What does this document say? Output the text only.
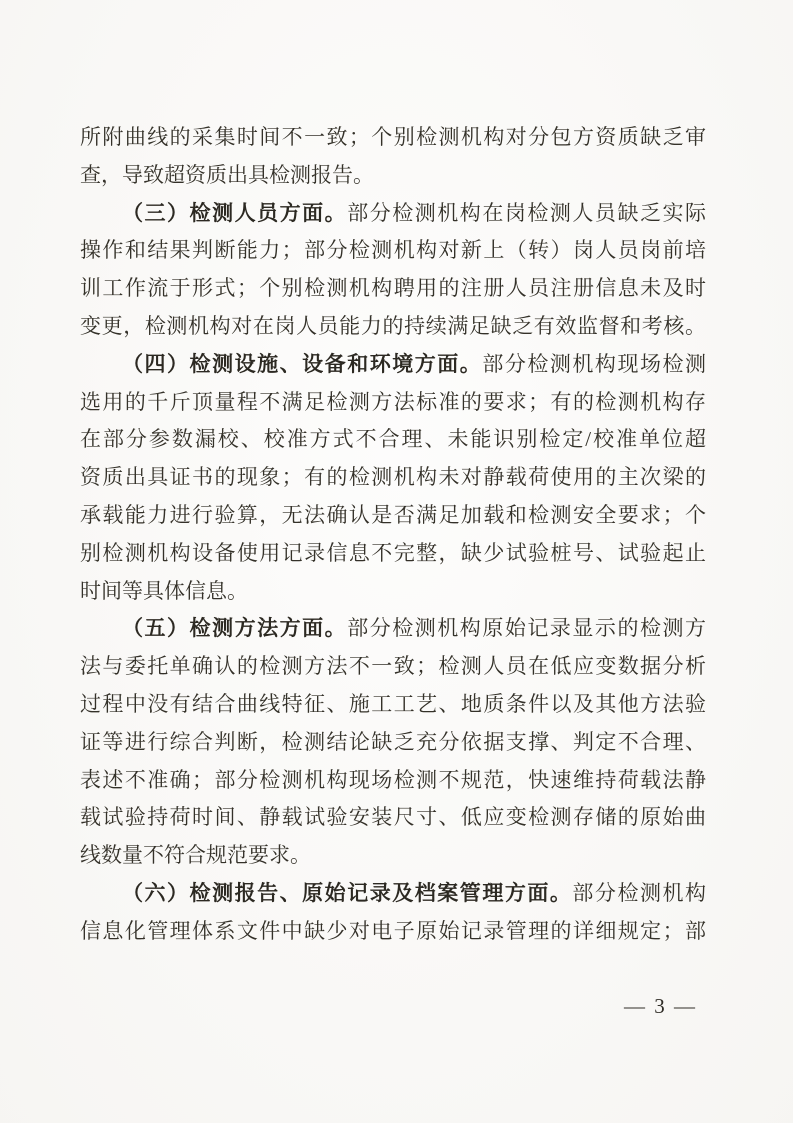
所附曲线的采集时间不一致；个别检测机构对分包方资质缺乏审
查，导致超资质出具检测报告。
（三）检测人员方面。部分检测机构在岗检测人员缺乏实际
操作和结果判断能力；部分检测机构对新上（转）岗人员岗前培
训工作流于形式；个别检测机构聘用的注册人员注册信息未及时
变更，检测机构对在岗人员能力的持续满足缺乏有效监督和考核。
（四）检测设施、设备和环境方面。部分检测机构现场检测
选用的千斤顶量程不满足检测方法标准的要求；有的检测机构存
在部分参数漏校、校准方式不合理、未能识别检定/校准单位超
资质出具证书的现象；有的检测机构未对静载荷使用的主次梁的
承载能力进行验算，无法确认是否满足加载和检测安全要求；个
别检测机构设备使用记录信息不完整，缺少试验桩号、试验起止
时间等具体信息。
（五）检测方法方面。部分检测机构原始记录显示的检测方
法与委托单确认的检测方法不一致；检测人员在低应变数据分析
过程中没有结合曲线特征、施工工艺、地质条件以及其他方法验
证等进行综合判断，检测结论缺乏充分依据支撑、判定不合理、
表述不准确；部分检测机构现场检测不规范，快速维持荷载法静
载试验持荷时间、静载试验安装尺寸、低应变检测存储的原始曲
线数量不符合规范要求。
（六）检测报告、原始记录及档案管理方面。部分检测机构
信息化管理体系文件中缺少对电子原始记录管理的详细规定；部
— 3 —
